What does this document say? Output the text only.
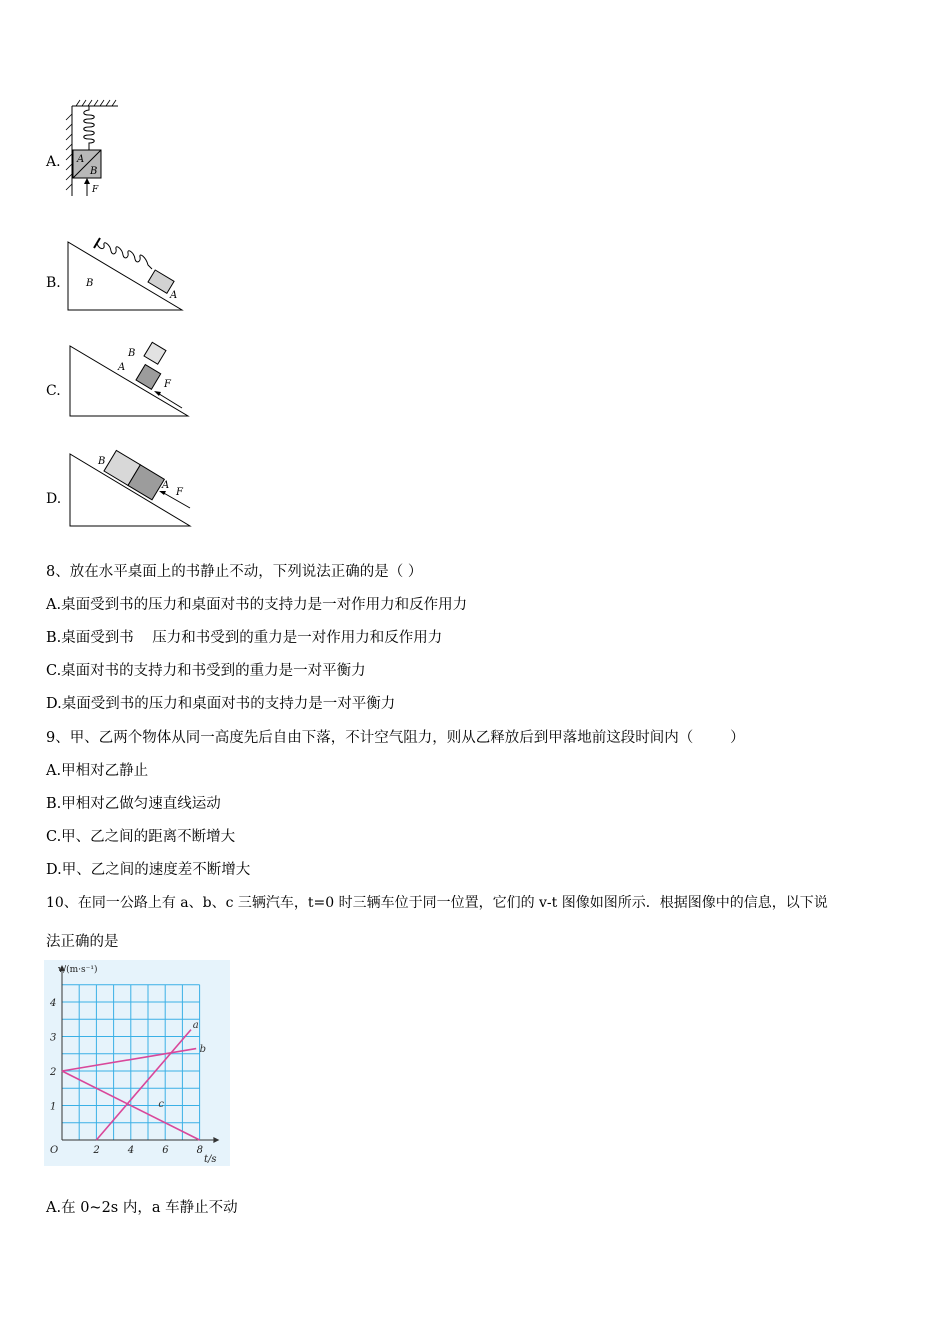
A. A
B
F
B.	B
A
C.
B
A
F
D.
B
A
F
8、放在水平桌面上的书静止不动，下列说法正确的是（ ）
A.桌面受到书的压力和桌面对书的支持力是一对作用力和反作用力
B.桌面受到书    压力和书受到的重力是一对作用力和反作用力
C.桌面对书的支持力和书受到的重力是一对平衡力
D.桌面受到书的压力和桌面对书的支持力是一对平衡力
9、甲、乙两个物体从同一高度先后自由下落，不计空气阻力，则从乙释放后到甲落地前这段时间内（        ）
A.甲相对乙静止
B.甲相对乙做匀速直线运动
C.甲、乙之间的距离不断增大
D.甲、乙之间的速度差不断增大
10、在同一公路上有 a、b、c 三辆汽车，t=0 时三辆车位于同一位置，它们的 v-t 图像如图所示．根据图像中的信息，以下说
法正确的是
2	4	6	8
1
2
3
4
O
v/(m·s⁻¹)
t/s
a
b
c
A.在 0~2s 内，a 车静止不动
